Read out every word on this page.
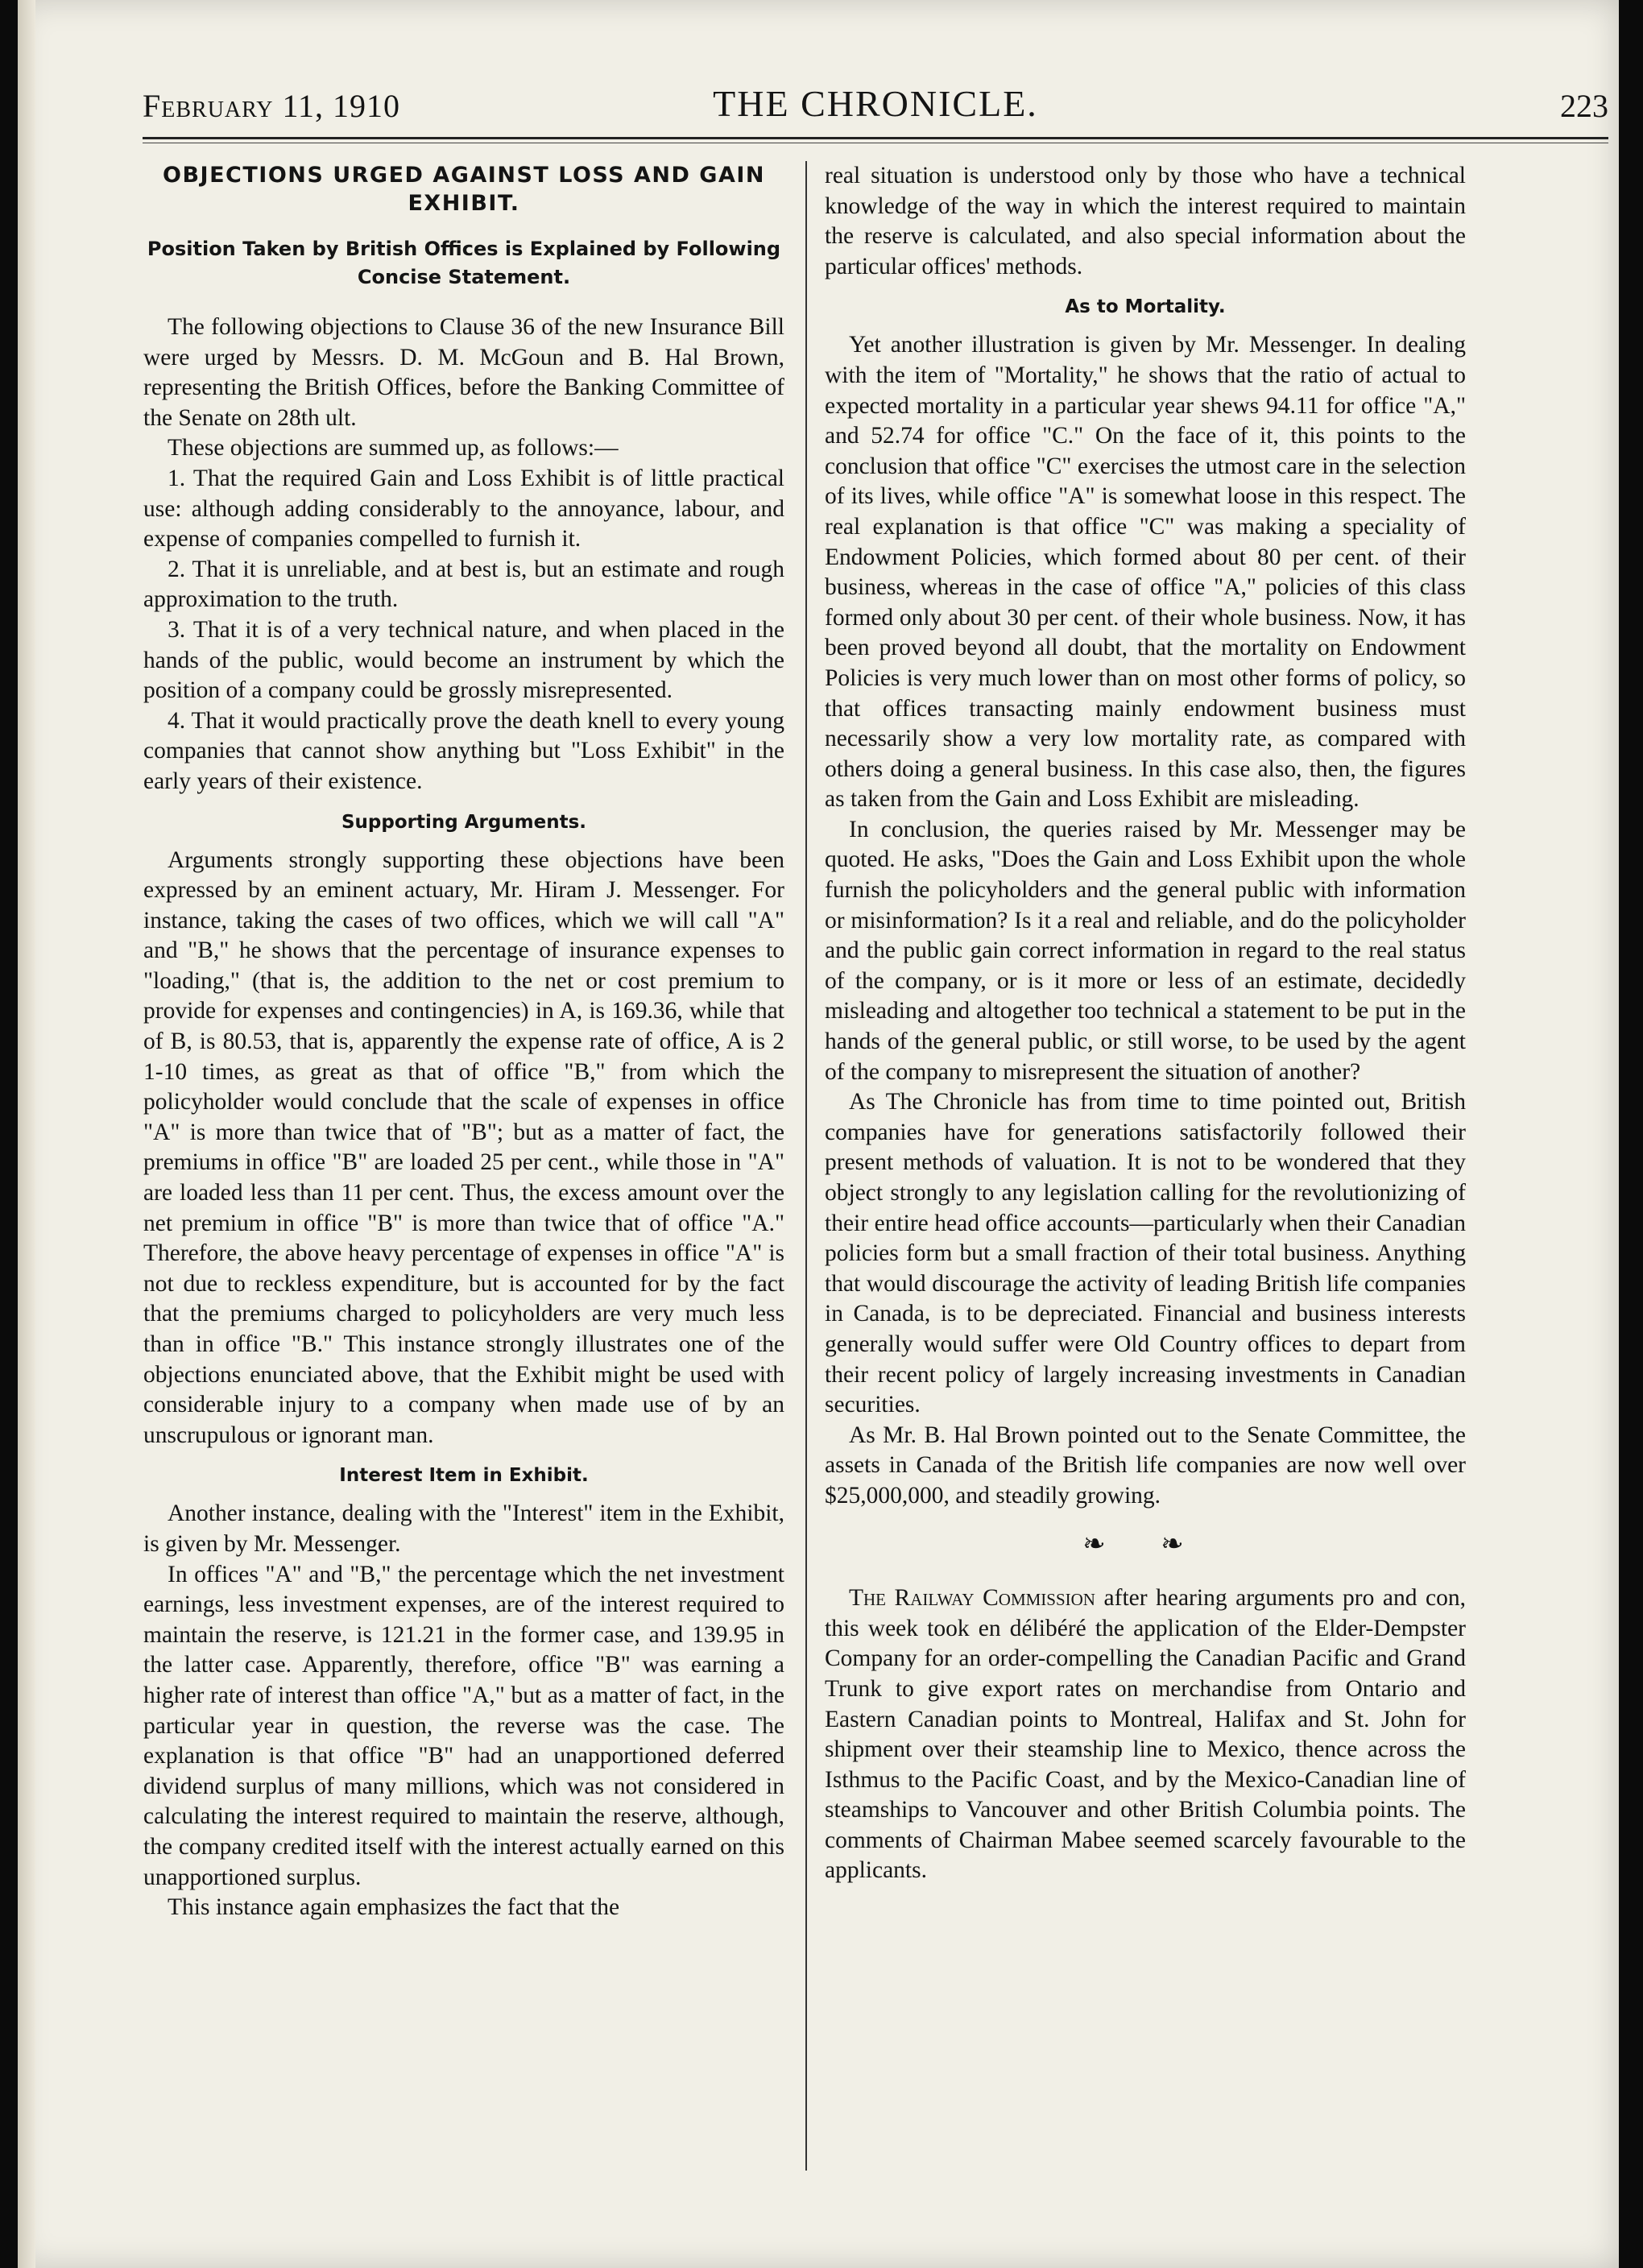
February 11, 1910	THE CHRONICLE.	223
OBJECTIONS URGED AGAINST LOSS AND GAIN EXHIBIT.
Position Taken by British Offices is Explained by Following Concise Statement.

The following objections to Clause 36 of the new Insurance Bill were urged by Messrs. D. M. McGoun and B. Hal Brown, representing the British Offices, before the Banking Committee of the Senate on 28th ult.

These objections are summed up, as follows:—

1. That the required Gain and Loss Exhibit is of little practical use: although adding considerably to the annoyance, labour, and expense of companies compelled to furnish it.

2. That it is unreliable, and at best is, but an estimate and rough approximation to the truth.

3. That it is of a very technical nature, and when placed in the hands of the public, would become an instrument by which the position of a company could be grossly misrepresented.

4. That it would practically prove the death knell to every young companies that cannot show anything but "Loss Exhibit" in the early years of their existence.

Supporting Arguments.

Arguments strongly supporting these objections have been expressed by an eminent actuary, Mr. Hiram J. Messenger. For instance, taking the cases of two offices, which we will call "A" and "B," he shows that the percentage of insurance expenses to "loading," (that is, the addition to the net or cost premium to provide for expenses and contingencies) in A, is 169.36, while that of B, is 80.53, that is, apparently the expense rate of office, A is 2 1-10 times, as great as that of office "B," from which the policyholder would conclude that the scale of expenses in office "A" is more than twice that of "B"; but as a matter of fact, the premiums in office "B" are loaded 25 per cent., while those in "A" are loaded less than 11 per cent. Thus, the excess amount over the net premium in office "B" is more than twice that of office "A." Therefore, the above heavy percentage of expenses in office "A" is not due to reckless expenditure, but is accounted for by the fact that the premiums charged to policyholders are very much less than in office "B." This instance strongly illustrates one of the objections enunciated above, that the Exhibit might be used with considerable injury to a company when made use of by an unscrupulous or ignorant man.

Interest Item in Exhibit.

Another instance, dealing with the "Interest" item in the Exhibit, is given by Mr. Messenger.

In offices "A" and "B," the percentage which the net investment earnings, less investment expenses, are of the interest required to maintain the reserve, is 121.21 in the former case, and 139.95 in the latter case. Apparently, therefore, office "B" was earning a higher rate of interest than office "A," but as a matter of fact, in the particular year in question, the reverse was the case. The explanation is that office "B" had an unapportioned deferred dividend surplus of many millions, which was not considered in calculating the interest required to maintain the reserve, although, the company credited itself with the interest actually earned on this unapportioned surplus.

This instance again emphasizes the fact that the

real situation is understood only by those who have a technical knowledge of the way in which the interest required to maintain the reserve is calculated, and also special information about the particular offices' methods.

As to Mortality.

Yet another illustration is given by Mr. Messenger. In dealing with the item of "Mortality," he shows that the ratio of actual to expected mortality in a particular year shews 94.11 for office "A," and 52.74 for office "C." On the face of it, this points to the conclusion that office "C" exercises the utmost care in the selection of its lives, while office "A" is somewhat loose in this respect. The real explanation is that office "C" was making a speciality of Endowment Policies, which formed about 80 per cent. of their business, whereas in the case of office "A," policies of this class formed only about 30 per cent. of their whole business. Now, it has been proved beyond all doubt, that the mortality on Endowment Policies is very much lower than on most other forms of policy, so that offices transacting mainly endowment business must necessarily show a very low mortality rate, as compared with others doing a general business. In this case also, then, the figures as taken from the Gain and Loss Exhibit are misleading.

In conclusion, the queries raised by Mr. Messenger may be quoted. He asks, "Does the Gain and Loss Exhibit upon the whole furnish the policyholders and the general public with information or misinformation? Is it a real and reliable, and do the policyholder and the public gain correct information in regard to the real status of the company, or is it more or less of an estimate, decidedly misleading and altogether too technical a statement to be put in the hands of the general public, or still worse, to be used by the agent of the company to misrepresent the situation of another?

As The Chronicle has from time to time pointed out, British companies have for generations satisfactorily followed their present methods of valuation. It is not to be wondered that they object strongly to any legislation calling for the revolutionizing of their entire head office accounts—particularly when their Canadian policies form but a small fraction of their total business. Anything that would discourage the activity of leading British life companies in Canada, is to be depreciated. Financial and business interests generally would suffer were Old Country offices to depart from their recent policy of largely increasing investments in Canadian securities.

As Mr. B. Hal Brown pointed out to the Senate Committee, the assets in Canada of the British life companies are now well over $25,000,000, and steadily growing.

❧ ❧

The Railway Commission after hearing arguments pro and con, this week took en délibéré the application of the Elder-Dempster Company for an order-compelling the Canadian Pacific and Grand Trunk to give export rates on merchandise from Ontario and Eastern Canadian points to Montreal, Halifax and St. John for shipment over their steamship line to Mexico, thence across the Isthmus to the Pacific Coast, and by the Mexico-Canadian line of steamships to Vancouver and other British Columbia points. The comments of Chairman Mabee seemed scarcely favourable to the applicants.
